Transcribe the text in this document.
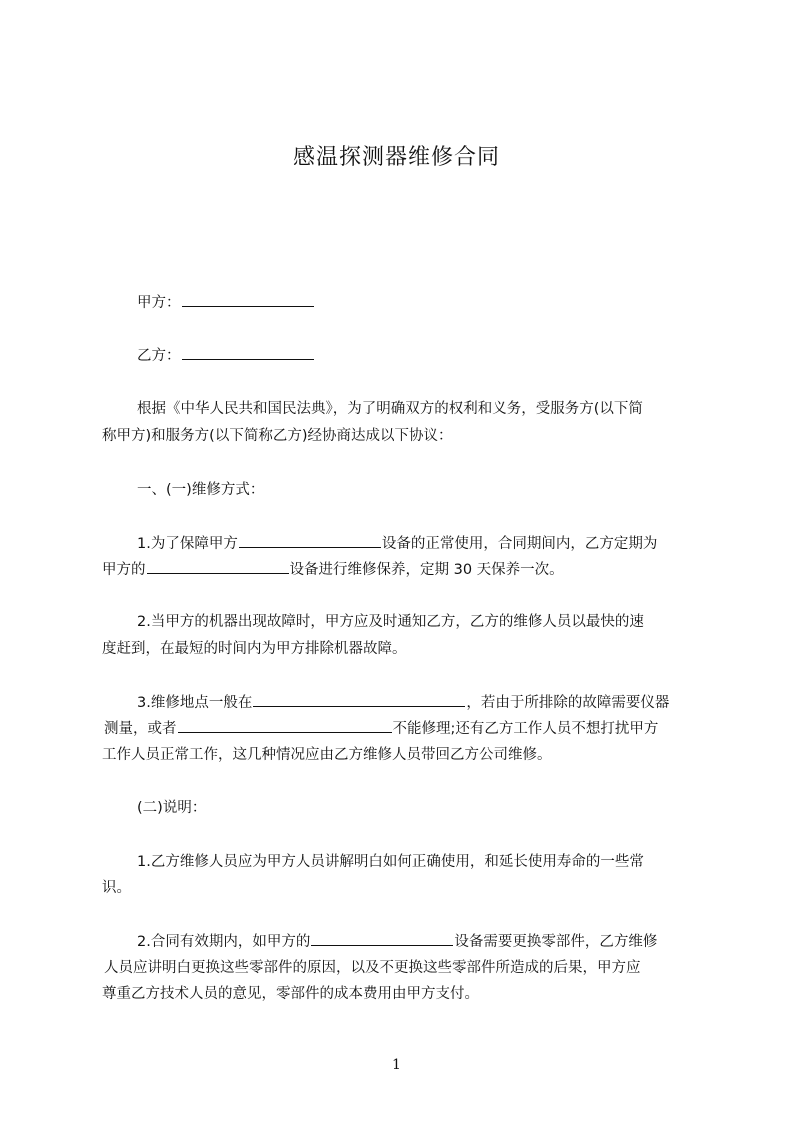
感温探测器维修合同
甲方：
乙方：
根据《中华人民共和国民法典》，为了明确双方的权利和义务，受服务方(以下简
称甲方)和服务方(以下简称乙方)经协商达成以下协议：
一、(一)维修方式：
1.为了保障甲方	设备的正常使用，合同期间内，乙方定期为
甲方的	设备进行维修保养，定期 30 天保养一次。
2.当甲方的机器出现故障时，甲方应及时通知乙方，乙方的维修人员以最快的速
度赶到，在最短的时间内为甲方排除机器故障。
3.维修地点一般在	，若由于所排除的故障需要仪器
测量，或者	不能修理;还有乙方工作人员不想打扰甲方
工作人员正常工作，这几种情况应由乙方维修人员带回乙方公司维修。
(二)说明：
1.乙方维修人员应为甲方人员讲解明白如何正确使用，和延长使用寿命的一些常
识。
2.合同有效期内，如甲方的	设备需要更换零部件，乙方维修
人员应讲明白更换这些零部件的原因，以及不更换这些零部件所造成的后果，甲方应
尊重乙方技术人员的意见，零部件的成本费用由甲方支付。
1
